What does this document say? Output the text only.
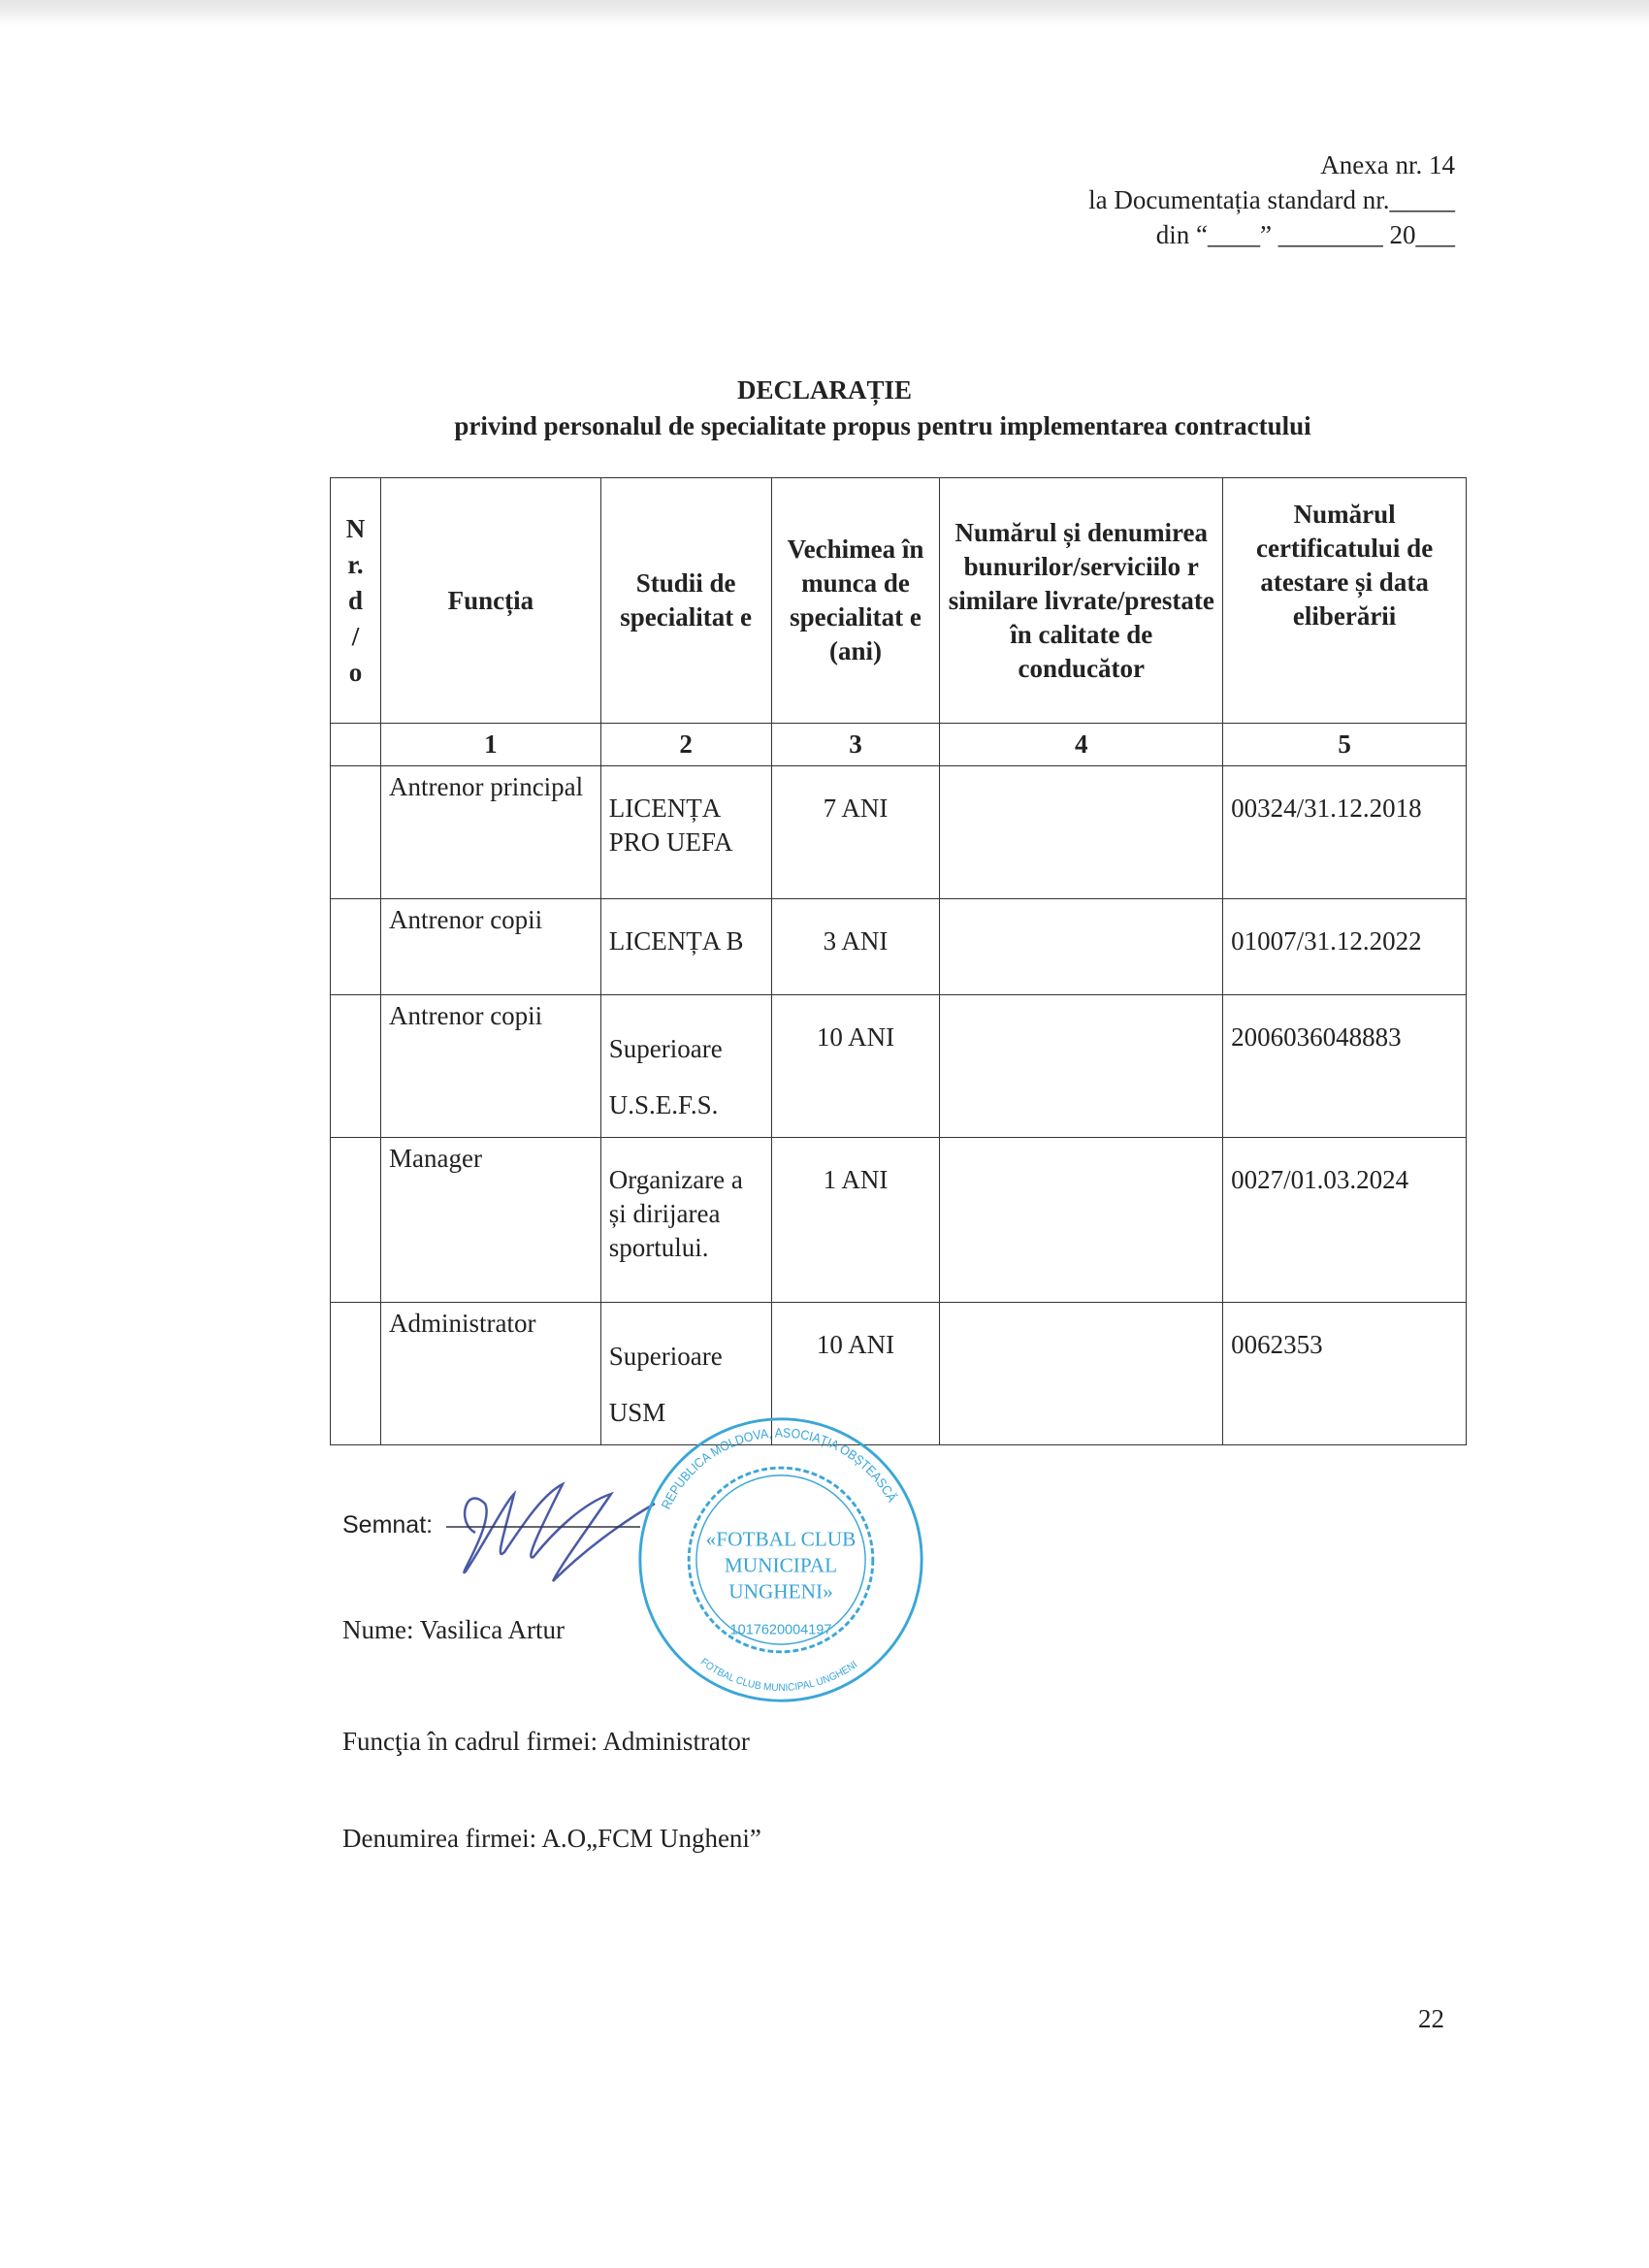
Anexa nr. 14
la Documentația standard nr._____
din “____” ________ 20___
DECLARAȚIE
privind personalul de specialitate propus pentru implementarea contractului
N r. d / o	Funcția	Studii de specialitat e	Vechimea în munca de specialitat e (ani)	Numărul și denumirea bunurilor/serviciilo r similare livrate/prestate în calitate de conducător	Numărul certificatului de atestare și data eliberării
	1	2	3	4	5
	Antrenor principal	LICENȚA PRO UEFA	7 ANI		00324/31.12.2018
	Antrenor copii	LICENȚA B	3 ANI		01007/31.12.2022
	Antrenor copii	Superioare U.S.E.F.S.	10 ANI		2006036048883
	Manager	Organizare a și dirijarea sportului.	1 ANI		0027/01.03.2024
	Administrator	Superioare USM	10 ANI		0062353
Semnat:
Nume: Vasilica Artur
Funcţia în cadrul firmei: Administrator
Denumirea firmei: A.O„FCM Ungheni”
REPUBLICA MOLDOVA, ASOCIAȚIA OBȘTEASCĂ
FOTBAL CLUB MUNICIPAL UNGHENI
«FOTBAL CLUB
MUNICIPAL
UNGHENI»
1017620004197
22
